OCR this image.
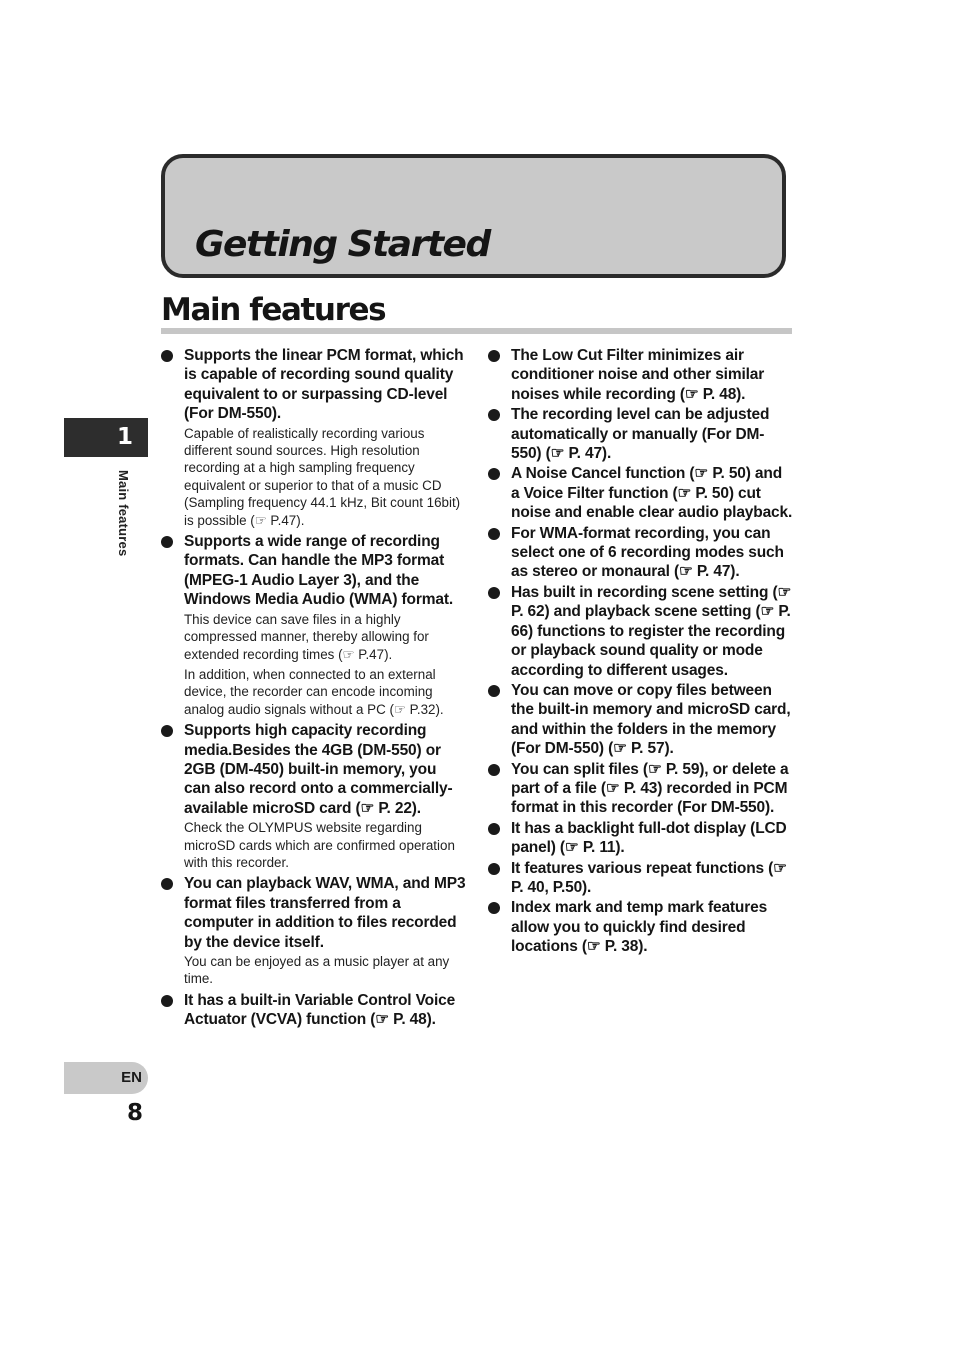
Getting Started
Main features
1
Main features
Supports the linear PCM format, which is capable of recording sound quality equivalent to or surpassing CD-level (For DM-550).
Capable of realistically recording various different sound sources. High resolution recording at a high sampling frequency equivalent or superior to that of a music CD (Sampling frequency 44.1 kHz, Bit count 16bit) is possible (☞ P.47).
Supports a wide range of recording formats. Can handle the MP3 format (MPEG-1 Audio Layer 3), and the Windows Media Audio (WMA) format.
This device can save files in a highly compressed manner, thereby allowing for extended recording times (☞ P.47).
In addition, when connected to an external device, the recorder can encode incoming analog audio signals without a PC (☞ P.32).
Supports high capacity recording media.Besides the 4GB (DM-550) or 2GB (DM-450) built-in memory, you can also record onto a commercially-available microSD card (☞ P. 22).
Check the OLYMPUS website regarding microSD cards which are confirmed operation with this recorder.
You can playback WAV, WMA, and MP3 format files transferred from a computer in addition to files recorded by the device itself.
You can be enjoyed as a music player at any time.
It has a built-in Variable Control Voice Actuator (VCVA) function (☞ P. 48).
The Low Cut Filter minimizes air conditioner noise and other similar noises while recording (☞ P. 48).
The recording level can be adjusted automatically or manually (For DM-550) (☞ P. 47).
A Noise Cancel function (☞ P. 50) and a Voice Filter function (☞ P. 50) cut noise and enable clear audio playback.
For WMA-format recording, you can select one of 6 recording modes such as stereo or monaural (☞ P. 47).
Has built in recording scene setting (☞ P. 62) and playback scene setting (☞ P. 66) functions to register the recording or playback sound quality or mode according to different usages.
You can move or copy files between the built-in memory and microSD card, and within the folders in the memory (For DM-550) (☞ P. 57).
You can split files (☞ P. 59), or delete a part of a file (☞ P. 43) recorded in PCM format in this recorder (For DM-550).
It has a backlight full-dot display (LCD panel) (☞ P. 11).
It features various repeat functions (☞ P. 40, P.50).
Index mark and temp mark features allow you to quickly find desired locations (☞ P. 38).
EN
8
